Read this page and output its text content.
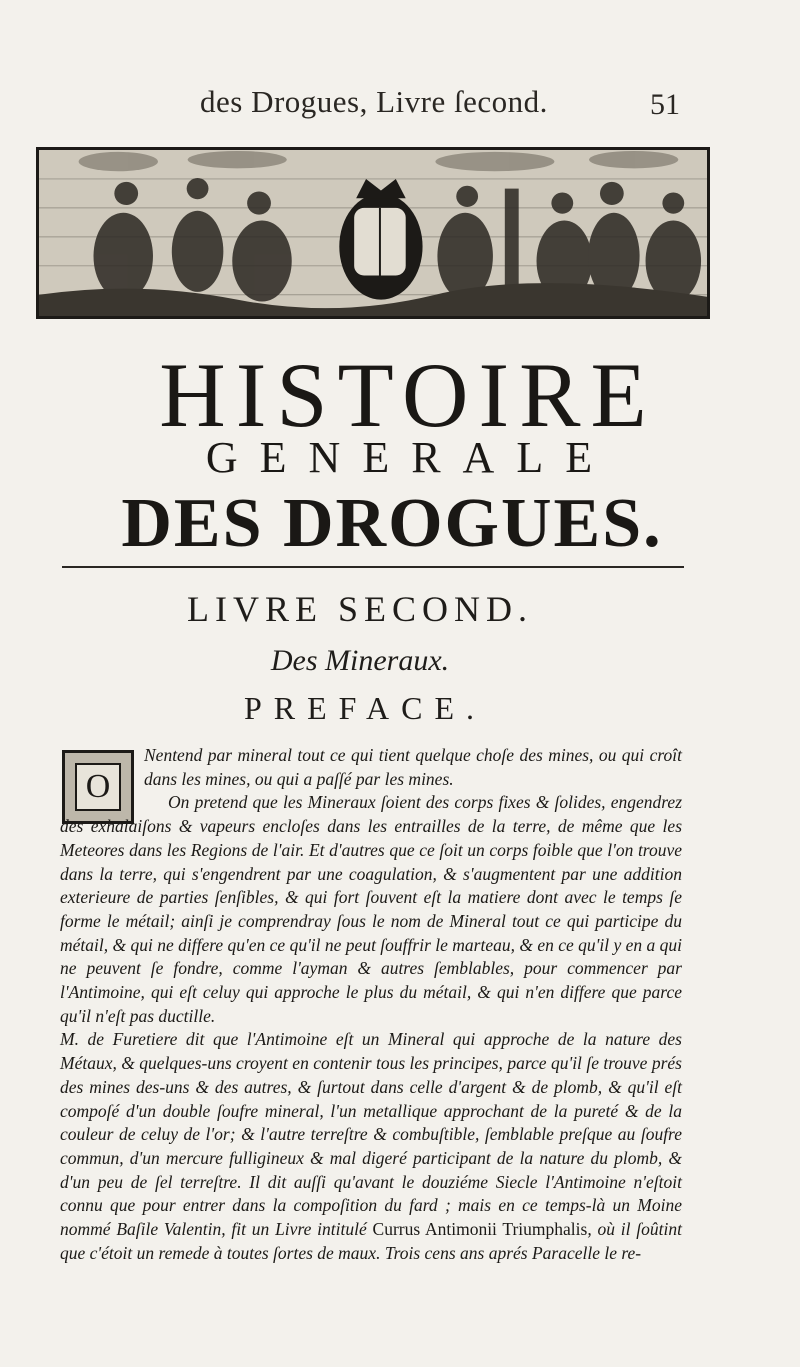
des Drogues, Livre ſecond.	51
HISTOIRE
GENERALE
DES DROGUES.
LIVRE SECOND.
Des Mineraux.
PREFACE.
O

Nentend par mineral tout ce qui tient quelque choſe des mines, ou qui croît dans les mines, ou qui a paſſé par les mines.

On pretend que les Mineraux ſoient des corps fixes & ſolides, engendrez des exhalaiſons & vapeurs encloſes dans les entrailles de la terre, de même que les Meteores dans les Regions de l'air. Et d'autres que ce ſoit un corps foible que l'on trouve dans la terre, qui s'engendrent par une coagulation, & s'augmentent par une addition exterieure de parties ſenſibles, & qui fort ſouvent eſt la matiere dont avec le temps ſe forme le métail; ainſi je comprendray ſous le nom de Mineral tout ce qui participe du métail, & qui ne differe qu'en ce qu'il ne peut ſouffrir le marteau, & en ce qu'il y en a qui ne peuvent ſe fondre, comme l'ayman & autres ſemblables, pour commencer par l'Antimoine, qui eſt celuy qui approche le plus du métail, & qui n'en differe que parce qu'il n'eſt pas ductille.

M. de Furetiere dit que l'Antimoine eſt un Mineral qui approche de la nature des Métaux, & quelques-uns croyent en contenir tous les principes, parce qu'il ſe trouve prés des mines des-uns & des autres, & ſurtout dans celle d'argent & de plomb, & qu'il eſt compoſé d'un double ſoufre mineral, l'un metallique approchant de la pureté & de la couleur de celuy de l'or; & l'autre terreſtre & combuſtible, ſemblable preſque au ſoufre commun, d'un mercure fulligineux & mal digeré participant de la nature du plomb, & d'un peu de ſel terreſtre. Il dit auſſi qu'avant le douziéme Siecle l'Antimoine n'eſtoit connu que pour entrer dans la compoſition du fard ; mais en ce temps-là un Moine nommé Baſile Valentin, fit un Livre intitulé Currus Antimonii Triumphalis, où il ſoûtint que c'étoit un remede à toutes ſortes de maux. Trois cens ans aprés Paracelle le re-
